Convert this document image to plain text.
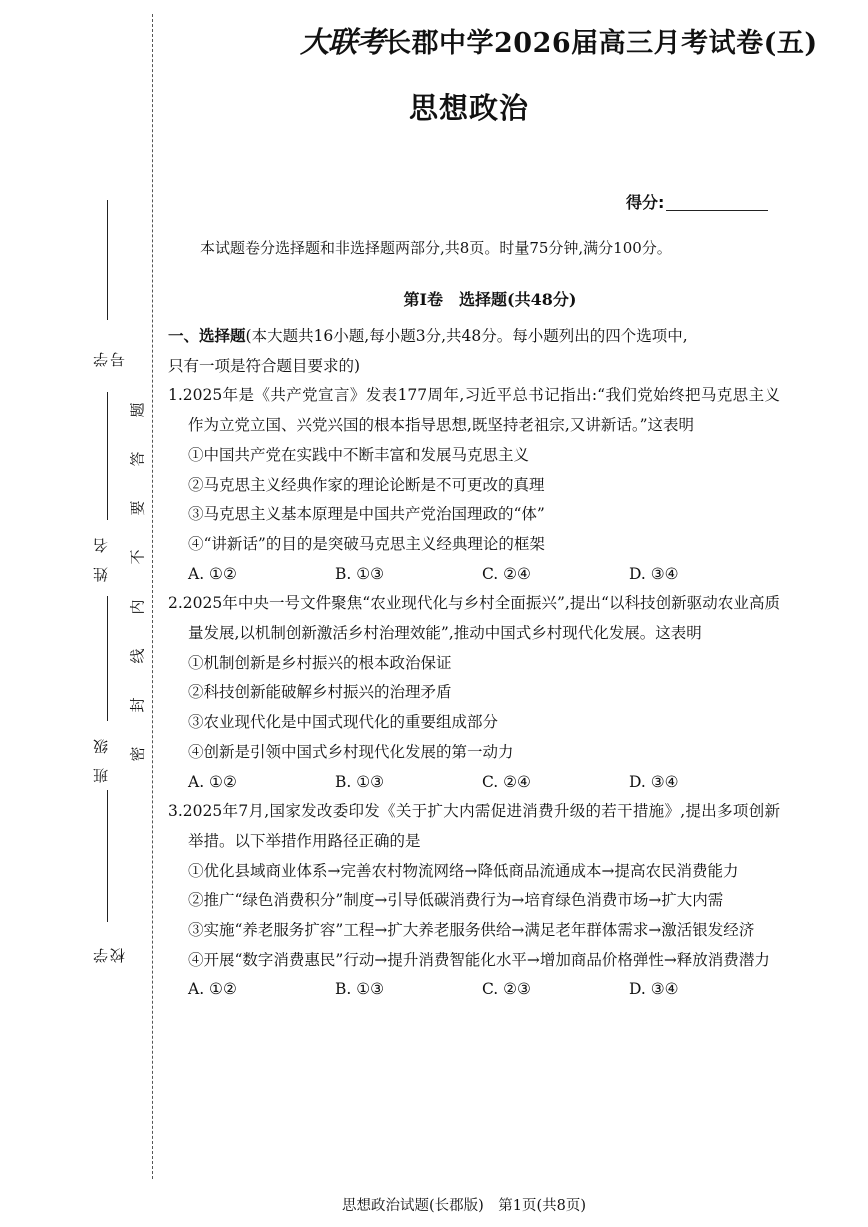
学号
姓名
班级
学校
题
答
要
不
内
线
封
密
大联考长郡中学2026届高三月考试卷(五)
思想政治
得分:
本试题卷分选择题和非选择题两部分,共8页。时量75分钟,满分100分。
第Ⅰ卷　选择题(共48分)

一、选择题(本大题共16小题,每小题3分,共48分。每小题列出的四个选项中,
只有一项是符合题目要求的)

1.2025年是《共产党宣言》发表177周年,习近平总书记指出:“我们党始终把马克思主义作为立党立国、兴党兴国的根本指导思想,既坚持老祖宗,又讲新话。”这表明

①中国共产党在实践中不断丰富和发展马克思主义

②马克思主义经典作家的理论论断是不可更改的真理

③马克思主义基本原理是中国共产党治国理政的“体”

④“讲新话”的目的是突破马克思主义经典理论的框架

A. ①②	B. ①③	C. ②④	D. ③④

2.2025年中央一号文件聚焦“农业现代化与乡村全面振兴”,提出“以科技创新驱动农业高质量发展,以机制创新激活乡村治理效能”,推动中国式乡村现代化发展。这表明

①机制创新是乡村振兴的根本政治保证

②科技创新能破解乡村振兴的治理矛盾

③农业现代化是中国式现代化的重要组成部分

④创新是引领中国式乡村现代化发展的第一动力

A. ①②	B. ①③	C. ②④	D. ③④

3.2025年7月,国家发改委印发《关于扩大内需促进消费升级的若干措施》,提出多项创新举措。以下举措作用路径正确的是

①优化县域商业体系→完善农村物流网络→降低商品流通成本→提高农民消费能力

②推广“绿色消费积分”制度→引导低碳消费行为→培育绿色消费市场→扩大内需

③实施“养老服务扩容”工程→扩大养老服务供给→满足老年群体需求→激活银发经济

④开展“数字消费惠民”行动→提升消费智能化水平→增加商品价格弹性→释放消费潜力

A. ①②	B. ①③	C. ②③	D. ③④
思想政治试题(长郡版)　第1页(共8页)
